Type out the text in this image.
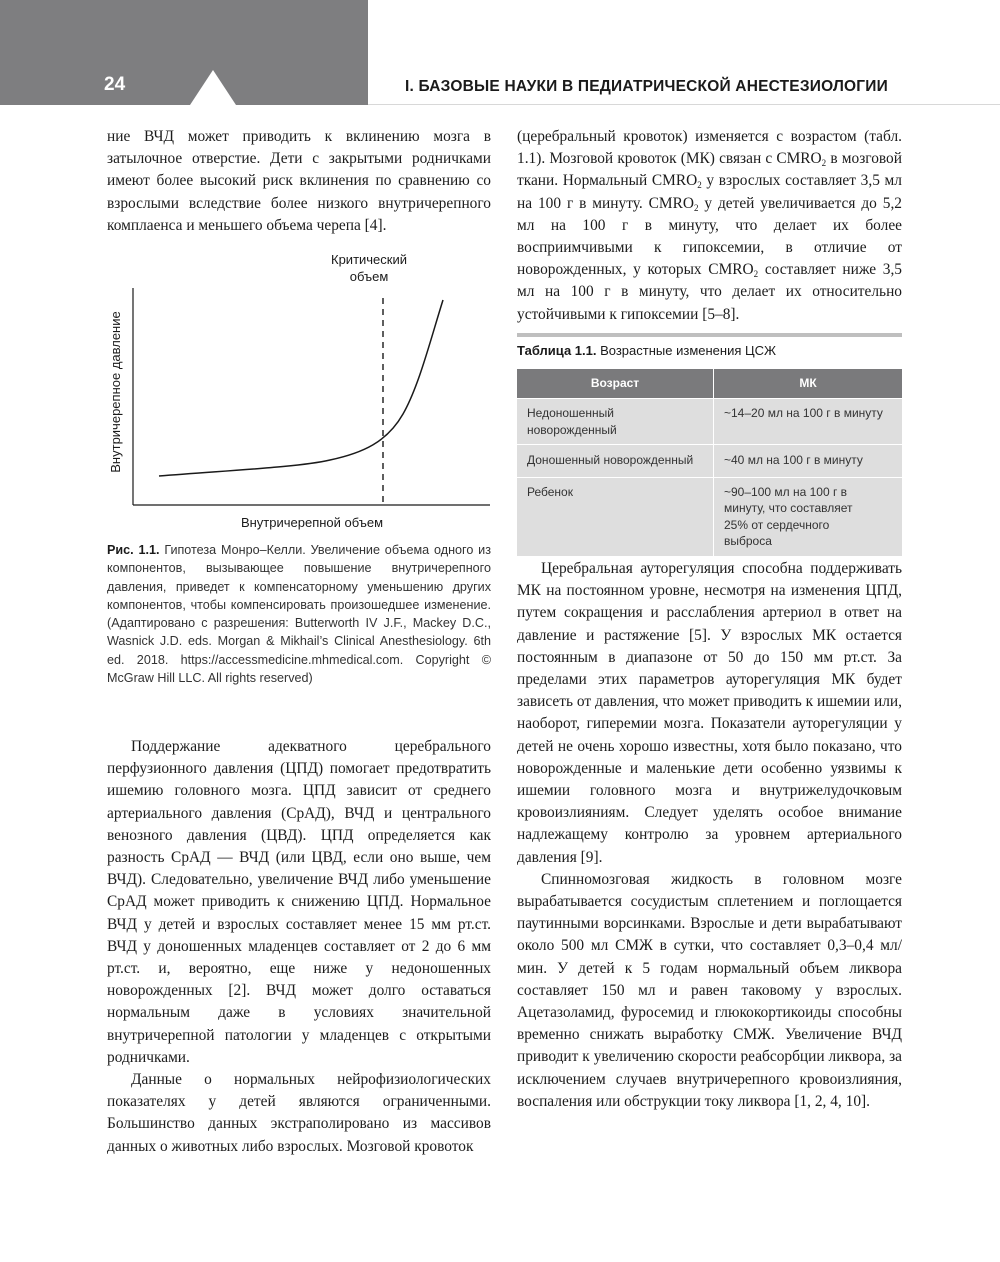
24	I. БАЗОВЫЕ НАУКИ В ПЕДИАТРИЧЕСКОЙ АНЕСТЕЗИОЛОГИИ

ние ВЧД может приводить к вклинению мозга в затылочное отверстие. Дети с закрытыми родничками имеют более высокий риск вклинения по сравнению со взрослыми вследствие более низкого внутричерепного комплаенса и меньшего объема черепа [4].

Критический
объем
Внутричерепное давление
Внутричерепной объем
Рис. 1.1. Гипотеза Монро–Келли. Увеличение объема одного из компонентов, вызывающее повышение внутричерепного давления, приведет к компенсаторному уменьшению других компонентов, чтобы компенсировать произошедшее изменение. (Адаптировано с разрешения: Butterworth IV J.F., Mackey D.C., Wasnick J.D. eds. Morgan & Mikhail’s Clinical Anesthesiology. 6th ed. 2018. https://accessmedicine.mhmedical.com. Copyright © McGraw Hill LLC. All rights reserved)

Поддержание адекватного церебрального перфузионного давления (ЦПД) помогает предотвратить ишемию головного мозга. ЦПД зависит от среднего артериального давления (СрАД), ВЧД и центрального венозного давления (ЦВД). ЦПД определяется как разность СрАД — ВЧД (или ЦВД, если оно выше, чем ВЧД). Следовательно, увеличение ВЧД либо уменьшение СрАД может приводить к снижению ЦПД. Нормальное ВЧД у детей и взрослых составляет менее 15 мм рт.ст. ВЧД у доношенных младенцев составляет от 2 до 6 мм рт.ст. и, вероятно, еще ниже у недоношенных новорожденных [2]. ВЧД может долго оставаться нормальным даже в условиях значительной внутричерепной патологии у младенцев с открытыми родничками.

Данные о нормальных нейрофизиологических показателях у детей являются ограниченными. Большинство данных экстраполировано из массивов данных о животных либо взрослых. Мозговой кровоток

(церебральный кровоток) изменяется с возрастом (табл. 1.1). Мозговой кровоток (МК) связан с $CMRO_2$ в мозговой ткани. Нормальный $CMRO_2$ у взрослых составляет 3,5 мл на 100 г в минуту. $CMRO_2$ у детей увеличивается до 5,2 мл на 100 г в минуту, что делает их более восприимчивыми к гипоксемии, в отличие от новорожденных, у которых $CMRO_2$ составляет ниже 3,5 мл на 100 г в минуту, что делает их относительно устойчивыми к гипоксемии [5–8].

Таблица 1.1. Возрастные изменения ЦСЖ
Возраст	МК
Недоношенный новорожденный	~14–20 мл на 100 г в минуту
Доношенный новорожденный	~40 мл на 100 г в минуту
Ребенок	~90–100 мл на 100 г в минуту, что составляет 25% от сердечного выброса

Церебральная ауторегуляция способна поддерживать МК на постоянном уровне, несмотря на изменения ЦПД, путем сокращения и расслабления артериол в ответ на давление и растяжение [5]. У взрослых МК остается постоянным в диапазоне от 50 до 150 мм рт.ст. За пределами этих параметров ауторегуляция МК будет зависеть от давления, что может приводить к ишемии или, наоборот, гиперемии мозга. Показатели ауторегуляции у детей не очень хорошо известны, хотя было показано, что новорожденные и маленькие дети особенно уязвимы к ишемии головного мозга и внутрижелудочковым кровоизлияниям. Следует уделять особое внимание надлежащему контролю за уровнем артериального давления [9].

Спинномозговая жидкость в головном мозге вырабатывается сосудистым сплетением и поглощается паутинными ворсинками. Взрослые и дети вырабатывают около 500 мл СМЖ в сутки, что составляет 0,3–0,4 мл/мин. У детей к 5 годам нормальный объем ликвора составляет 150 мл и равен таковому у взрослых. Ацетазоламид, фуросемид и глюкокортикоиды способны временно снижать выработку СМЖ. Увеличение ВЧД приводит к увеличению скорости реабсорбции ликвора, за исключением случаев внутричерепного кровоизлияния, воспаления или обструкции току ликвора [1, 2, 4, 10].
